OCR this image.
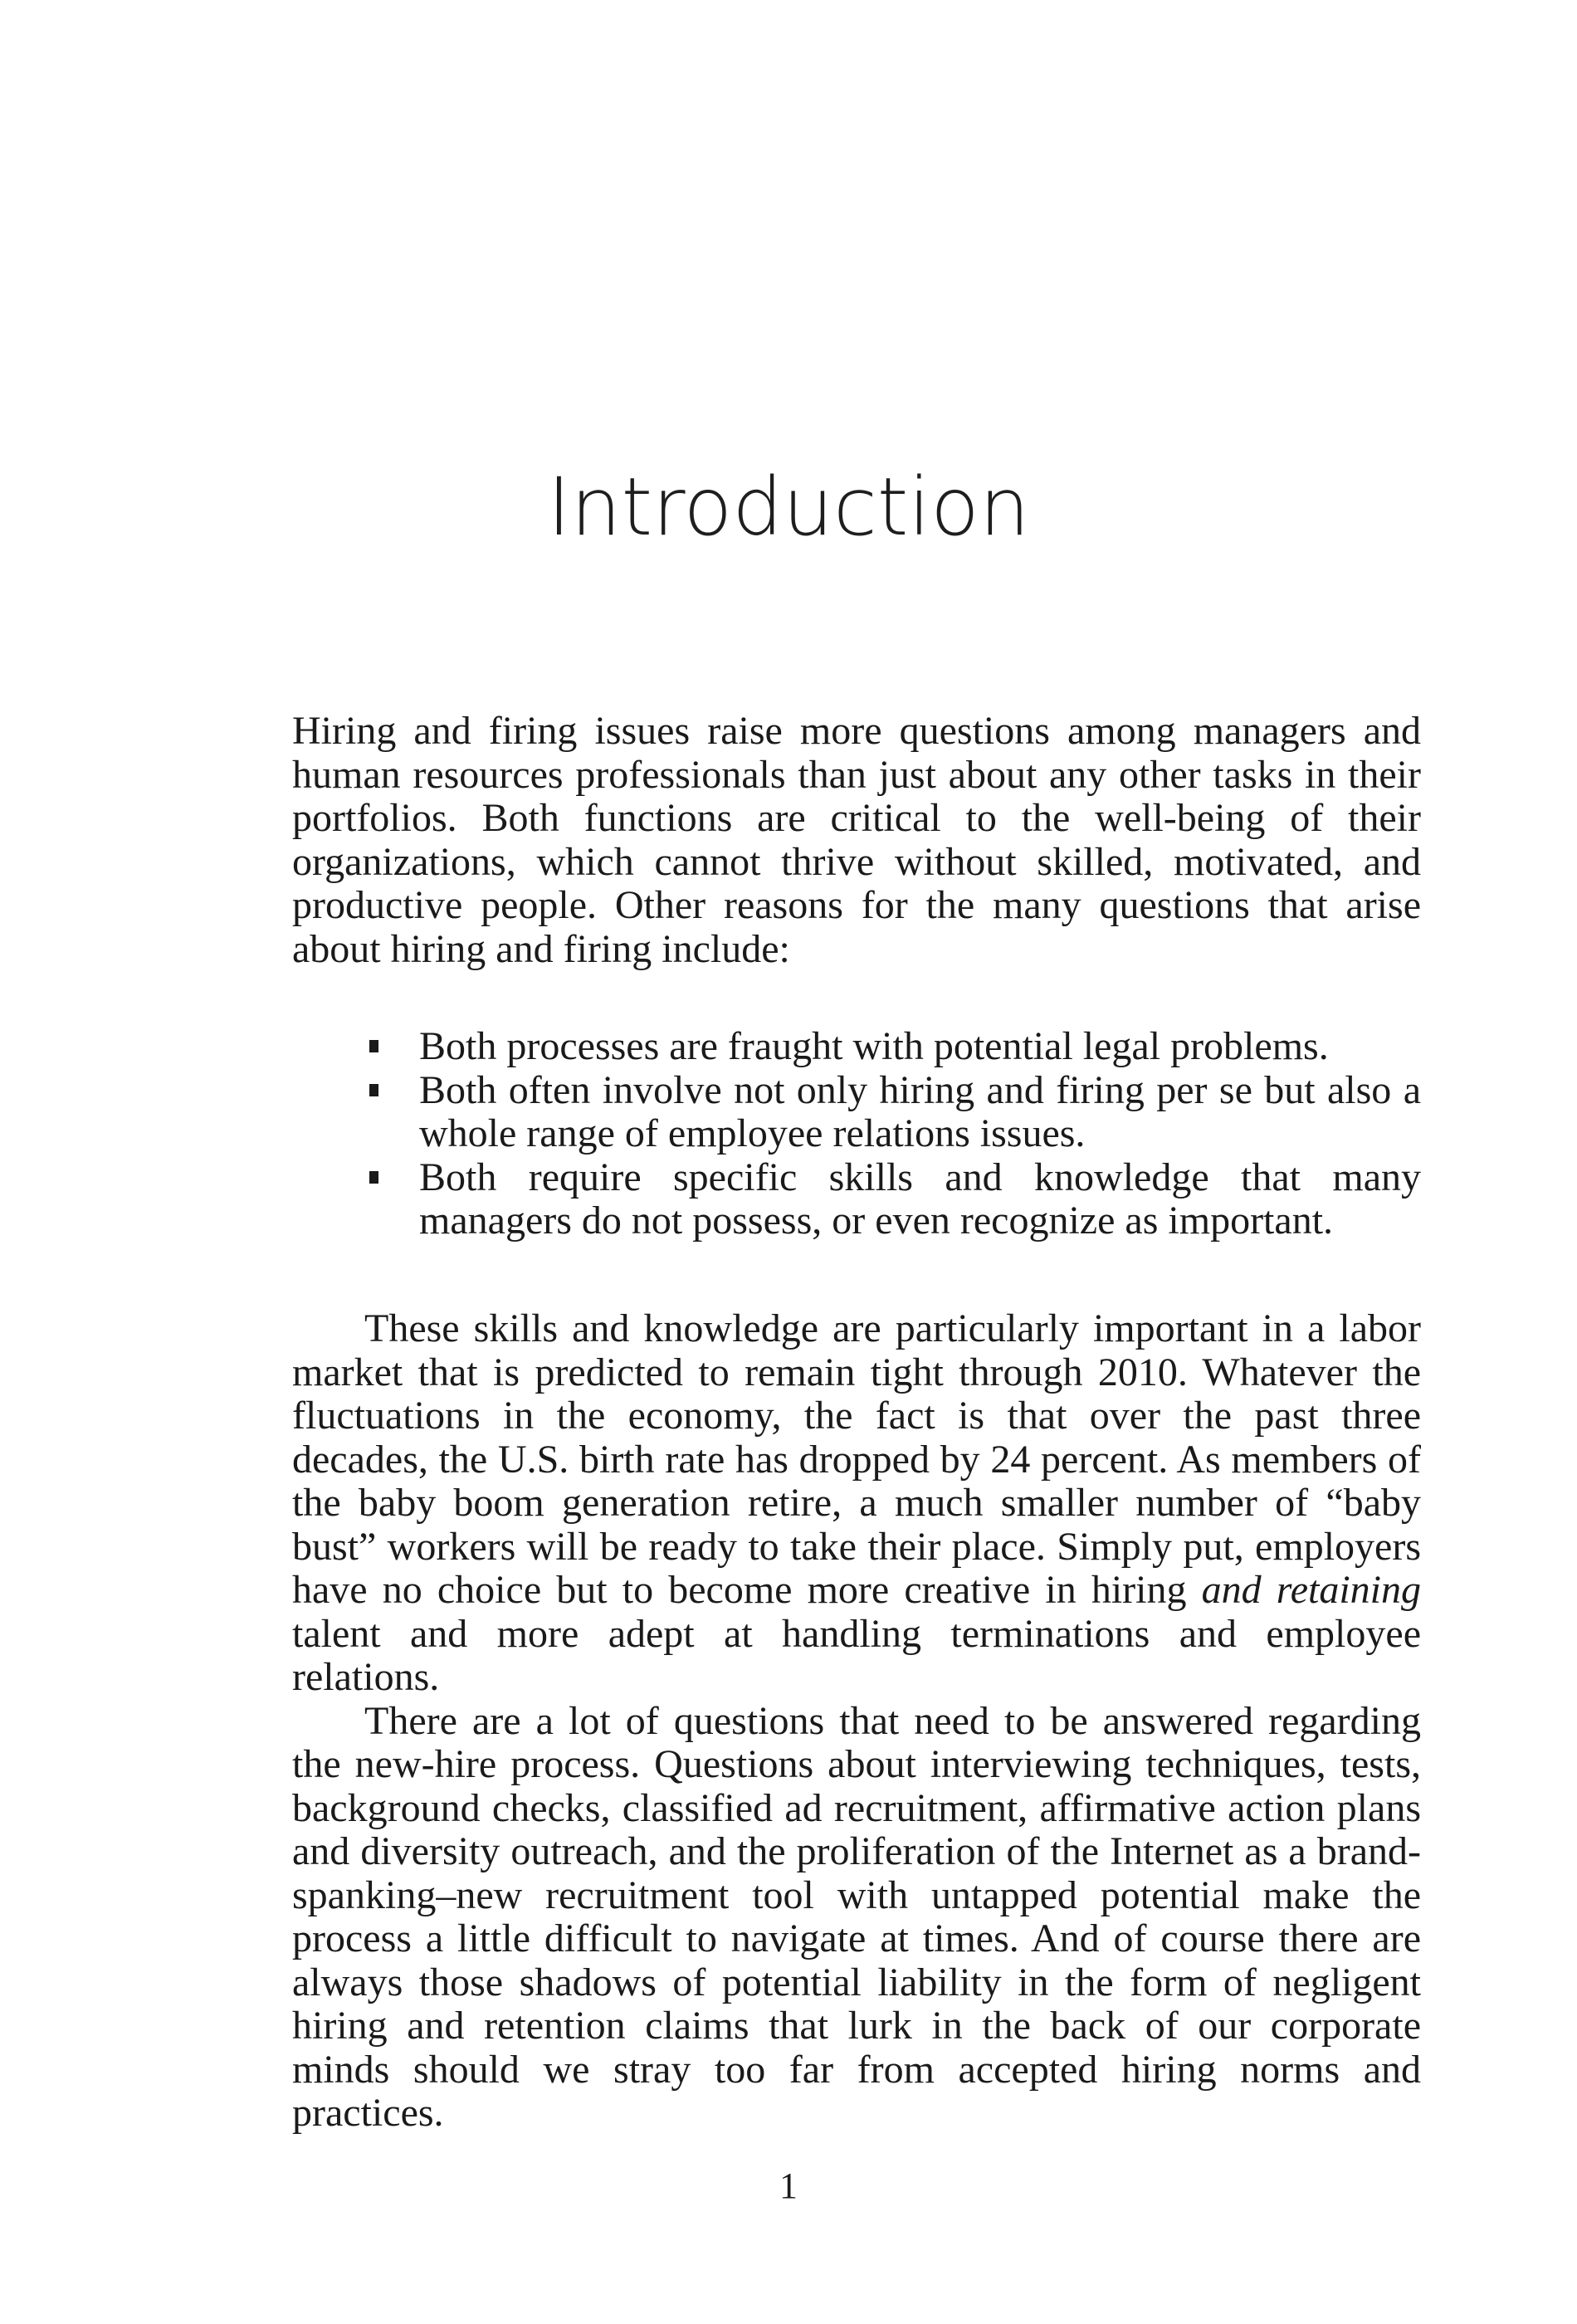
Introduction

Hiring and firing issues raise more questions among managers and human resources professionals than just about any other tasks in their portfolios. Both functions are critical to the well-being of their organizations, which cannot thrive without skilled, motivated, and productive people. Other reasons for the many questions that arise about hiring and firing include:

Both processes are fraught with potential legal problems.
Both often involve not only hiring and firing per se but also a whole range of employee relations issues.
Both require specific skills and knowledge that many managers do not possess, or even recognize as important.

These skills and knowledge are particularly important in a labor market that is predicted to remain tight through 2010. Whatever the fluctuations in the economy, the fact is that over the past three decades, the U.S. birth rate has dropped by 24 percent. As members of the baby boom generation retire, a much smaller number of “baby bust” workers will be ready to take their place. Simply put, employers have no choice but to become more creative in hiring and retaining talent and more adept at handling terminations and employee relations.

There are a lot of questions that need to be answered regarding the new-hire process. Questions about interviewing techniques, tests, background checks, classified ad recruitment, affirmative action plans and diversity outreach, and the proliferation of the Internet as a brand-spanking–new recruitment tool with untapped potential make the process a little difficult to navigate at times. And of course there are always those shadows of potential liability in the form of negligent hiring and retention claims that lurk in the back of our corporate minds should we stray too far from accepted hiring norms and practices.

1
